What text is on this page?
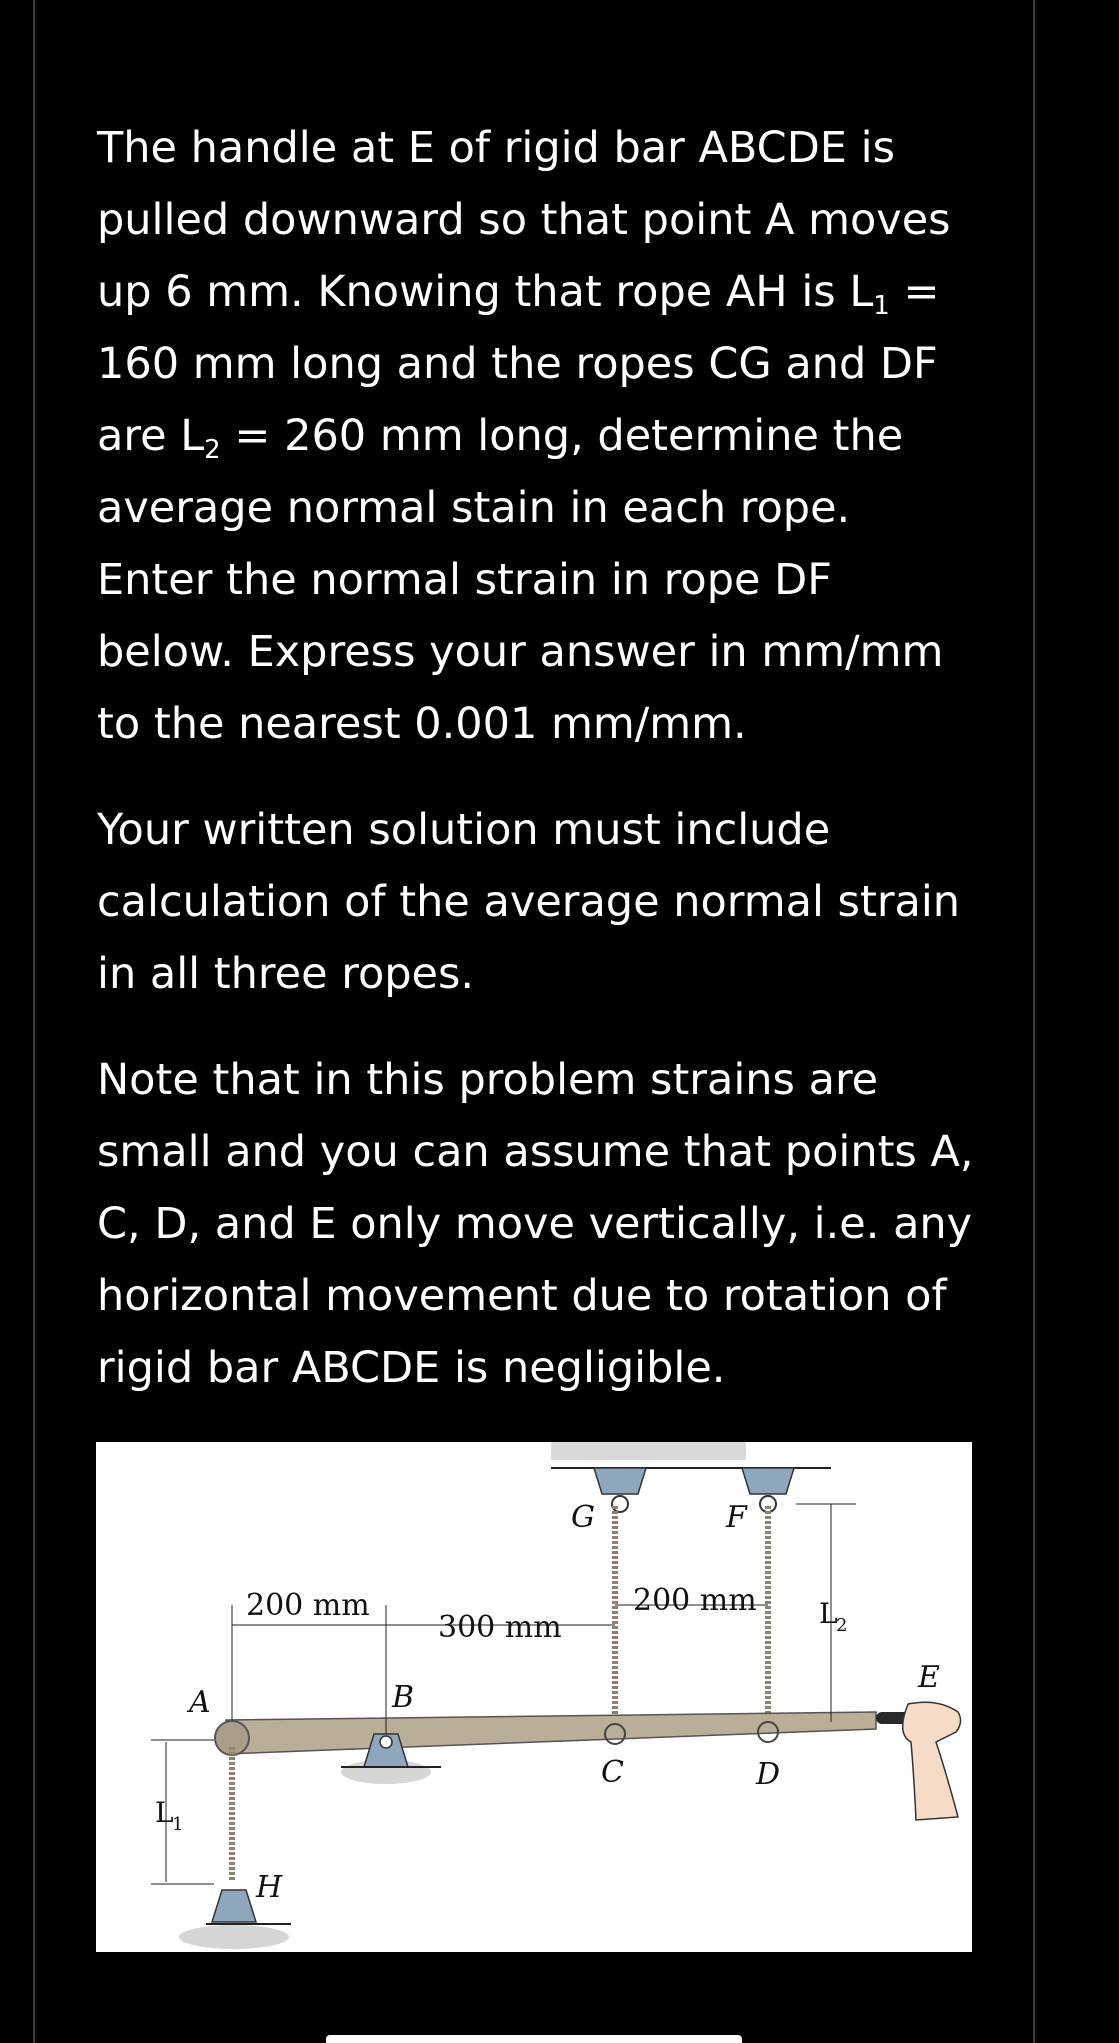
The handle at E of rigid bar ABCDE is pulled downward so that point A moves up 6 mm. Knowing that rope AH is $L_1 = 160$ mm long and the ropes CG and DF are $L_2 = 260$ mm long, determine the average normal stain in each rope. Enter the normal strain in rope DF below. Express your answer in mm/mm to the nearest 0.001 mm/mm.

Your written solution must include calculation of the average normal strain in all three ropes.

Note that in this problem strains are small and you can assume that points A, C, D, and E only move vertically, i.e. any horizontal movement due to rotation of rigid bar ABCDE is negligible.

A	B
C	D
E
F
G
H
200 mm
300 mm
200 mm L
2
L
1
